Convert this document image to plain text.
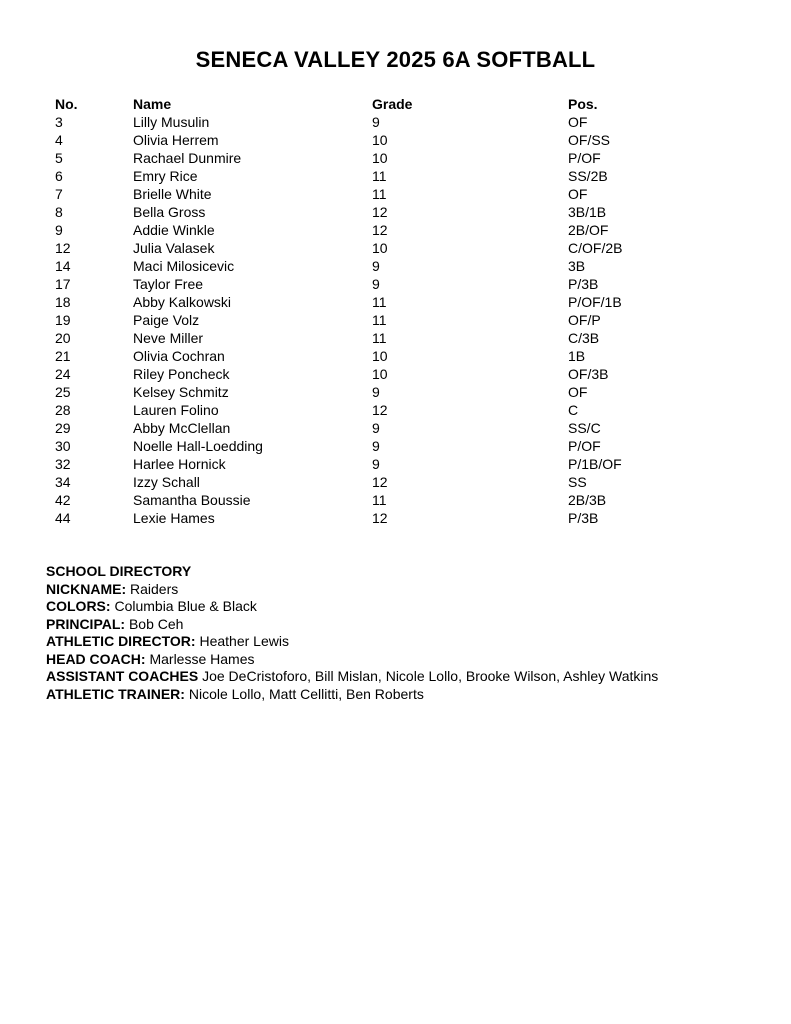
SENECA VALLEY 2025 6A SOFTBALL
No.	Name	Grade	Pos.
3	Lilly Musulin	9	OF
4	Olivia Herrem	10	OF/SS
5	Rachael Dunmire	10	P/OF
6	Emry Rice	11	SS/2B
7	Brielle White	11	OF
8	Bella Gross	12	3B/1B
9	Addie Winkle	12	2B/OF
12	Julia Valasek	10	C/OF/2B
14	Maci Milosicevic	9	3B
17	Taylor Free	9	P/3B
18	Abby Kalkowski	11	P/OF/1B
19	Paige Volz	11	OF/P
20	Neve Miller	11	C/3B
21	Olivia Cochran	10	1B
24	Riley Poncheck	10	OF/3B
25	Kelsey Schmitz	9	OF
28	Lauren Folino	12	C
29	Abby McClellan	9	SS/C
30	Noelle Hall-Loedding	9	P/OF
32	Harlee Hornick	9	P/1B/OF
34	Izzy Schall	12	SS
42	Samantha Boussie	11	2B/3B
44	Lexie Hames	12	P/3B
SCHOOL DIRECTORY
NICKNAME: Raiders
COLORS: Columbia Blue & Black
PRINCIPAL: Bob Ceh
ATHLETIC DIRECTOR: Heather Lewis
HEAD COACH: Marlesse Hames
ASSISTANT COACHES Joe DeCristoforo, Bill Mislan, Nicole Lollo, Brooke Wilson, Ashley Watkins
ATHLETIC TRAINER: Nicole Lollo, Matt Cellitti, Ben Roberts
